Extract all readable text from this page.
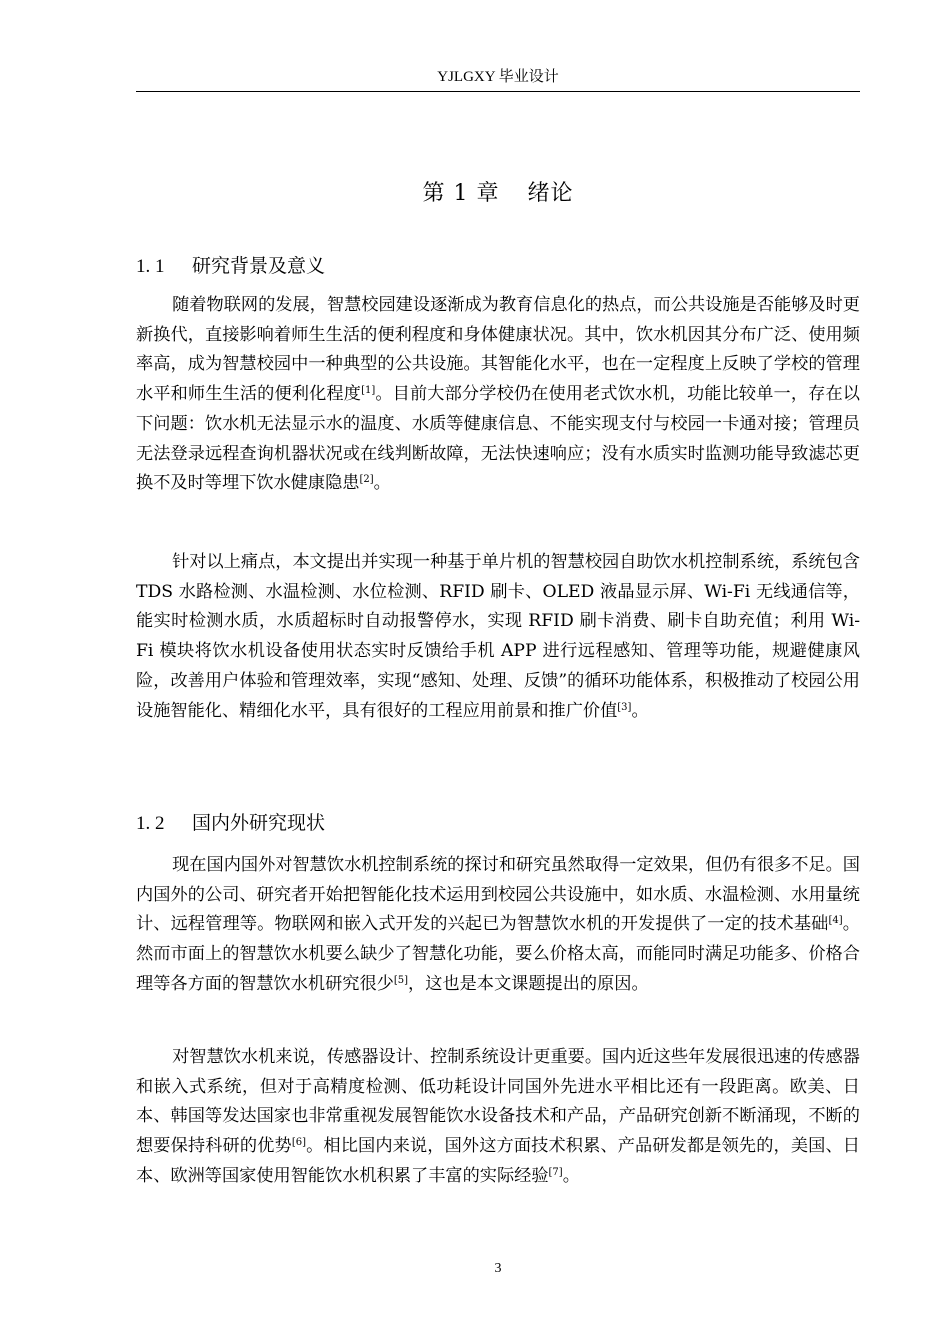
YJLGXY 毕业设计
第 1 章 绪论
1. 1 研究背景及意义

随着物联网的发展，智慧校园建设逐渐成为教育信息化的热点，而公共设施是否能够及时更新换代，直接影响着师生生活的便利程度和身体健康状况。其中，饮水机因其分布广泛、使用频率高，成为智慧校园中一种典型的公共设施。其智能化水平，也在一定程度上反映了学校的管理水平和师生生活的便利化程度[1]。目前大部分学校仍在使用老式饮水机，功能比较单一，存在以下问题：饮水机无法显示水的温度、水质等健康信息、不能实现支付与校园一卡通对接；管理员无法登录远程查询机器状况或在线判断故障，无法快速响应；没有水质实时监测功能导致滤芯更换不及时等埋下饮水健康隐患[2]。

针对以上痛点，本文提出并实现一种基于单片机的智慧校园自助饮水机控制系统，系统包含 TDS 水路检测、水温检测、水位检测、RFID 刷卡、OLED 液晶显示屏、Wi-Fi 无线通信等，能实时检测水质，水质超标时自动报警停水，实现 RFID 刷卡消费、刷卡自助充值；利用 Wi-Fi 模块将饮水机设备使用状态实时反馈给手机 APP 进行远程感知、管理等功能，规避健康风险，改善用户体验和管理效率，实现“感知、处理、反馈”的循环功能体系，积极推动了校园公用设施智能化、精细化水平，具有很好的工程应用前景和推广价值[3]。

1. 2 国内外研究现状

现在国内国外对智慧饮水机控制系统的探讨和研究虽然取得一定效果，但仍有很多不足。国内国外的公司、研究者开始把智能化技术运用到校园公共设施中，如水质、水温检测、水用量统计、远程管理等。物联网和嵌入式开发的兴起已为智慧饮水机的开发提供了一定的技术基础[4]。然而市面上的智慧饮水机要么缺少了智慧化功能，要么价格太高，而能同时满足功能多、价格合理等各方面的智慧饮水机研究很少[5]，这也是本文课题提出的原因。

对智慧饮水机来说，传感器设计、控制系统设计更重要。国内近这些年发展很迅速的传感器和嵌入式系统，但对于高精度检测、低功耗设计同国外先进水平相比还有一段距离。欧美、日本、韩国等发达国家也非常重视发展智能饮水设备技术和产品，产品研究创新不断涌现，不断的想要保持科研的优势[6]。相比国内来说，国外这方面技术积累、产品研发都是领先的，美国、日本、欧洲等国家使用智能饮水机积累了丰富的实际经验[7]。

3
